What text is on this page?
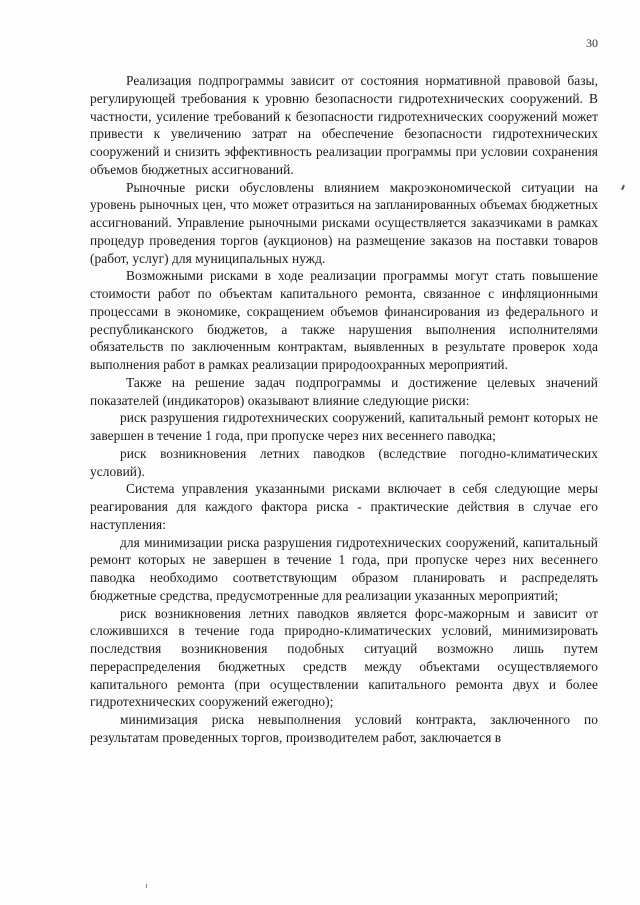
30

Реализация подпрограммы зависит от состояния нормативной правовой базы, регулирующей требования к уровню безопасности гидротехнических сооружений. В частности, усиление требований к безопасности гидротехнических сооружений может привести к увеличению затрат на обеспечение безопасности гидротехнических сооружений и снизить эффективность реализации программы при условии сохранения объемов бюджетных ассигнований.

Рыночные риски обусловлены влиянием макроэкономической ситуации на уровень рыночных цен, что может отразиться на запланированных объемах бюджетных ассигнований. Управление рыночными рисками осуществляется заказчиками в рамках процедур проведения торгов (аукционов) на размещение заказов на поставки товаров (работ, услуг) для муниципальных нужд.

Возможными рисками в ходе реализации программы могут стать повышение стоимости работ по объектам капитального ремонта, связанное с инфляционными процессами в экономике, сокращением объемов финансирования из федерального и республиканского бюджетов, а также нарушения выполнения исполнителями обязательств по заключенным контрактам, выявленных в результате проверок хода выполнения работ в рамках реализации природоохранных мероприятий.

Также на решение задач подпрограммы и достижение целевых значений показателей (индикаторов) оказывают влияние следующие риски:

риск разрушения гидротехнических сооружений, капитальный ремонт которых не завершен в течение 1 года, при пропуске через них весеннего паводка;

риск возникновения летних паводков (вследствие погодно-климатических условий).

Система управления указанными рисками включает в себя следующие меры реагирования для каждого фактора риска - практические действия в случае его наступления:

для минимизации риска разрушения гидротехнических сооружений, капитальный ремонт которых не завершен в течение 1 года, при пропуске через них весеннего паводка необходимо соответствующим образом планировать и распределять бюджетные средства, предусмотренные для реализации указанных мероприятий;

риск возникновения летних паводков является форс-мажорным и зависит от сложившихся в течение года природно-климатических условий, минимизировать последствия возникновения подобных ситуаций возможно лишь путем перераспределения бюджетных средств между объектами осуществляемого капитального ремонта (при осуществлении капитального ремонта двух и более гидротехнических сооружений ежегодно);

минимизация риска невыполнения условий контракта, заключенного по результатам проведенных торгов, производителем работ, заключается в
